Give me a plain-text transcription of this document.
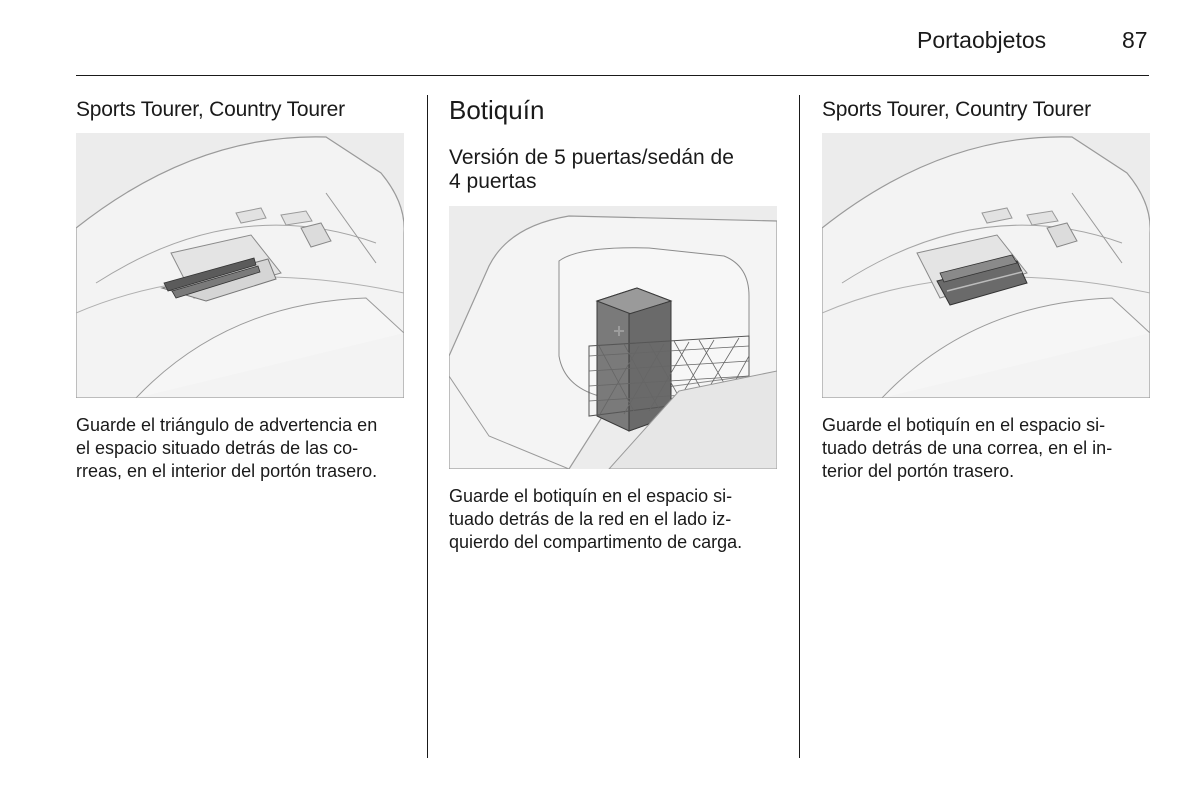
Portaobjetos	87
Sports Tourer, Country Tourer
Guarde el triángulo de advertencia en
el espacio situado detrás de las co-
rreas, en el interior del portón trasero.
Botiquín
Versión de 5 puertas/sedán de
4 puertas
Guarde el botiquín en el espacio si-
tuado detrás de la red en el lado iz-
quierdo del compartimento de carga.
Sports Tourer, Country Tourer
Guarde el botiquín en el espacio si-
tuado detrás de una correa, en el in-
terior del portón trasero.
